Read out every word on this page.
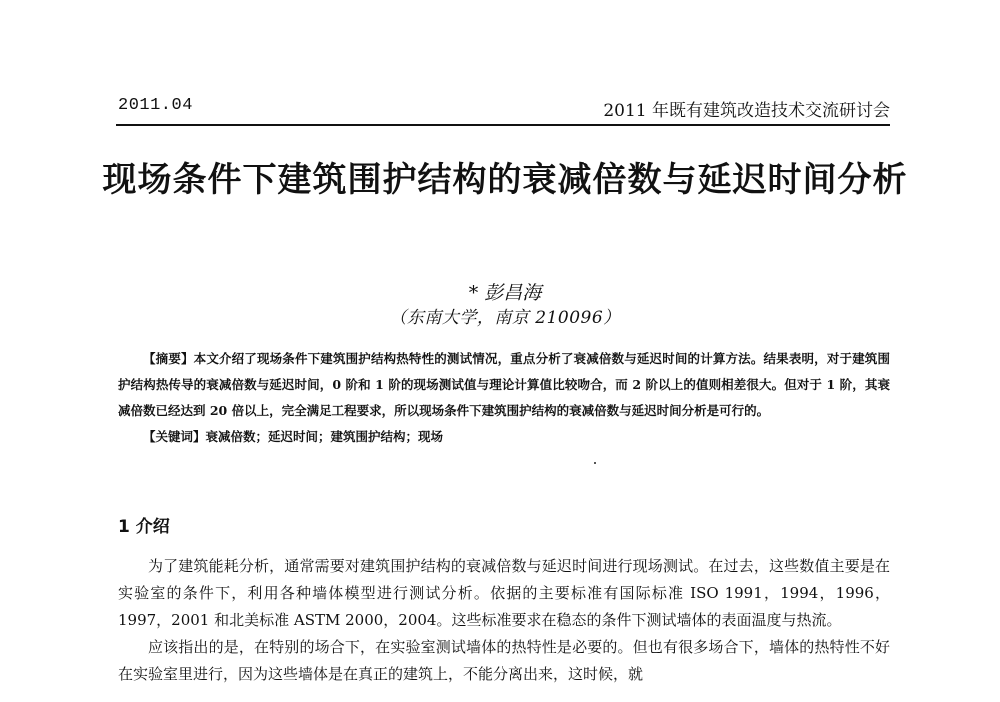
2011.04	2011 年既有建筑改造技术交流研讨会
现场条件下建筑围护结构的衰减倍数与延迟时间分析
* 彭昌海
（东南大学，南京 210096）

【摘要】本文介绍了现场条件下建筑围护结构热特性的测试情况，重点分析了衰减倍数与延迟时间的计算方法。结果表明，对于建筑围护结构热传导的衰减倍数与延迟时间，0 阶和 1 阶的现场测试值与理论计算值比较吻合，而 2 阶以上的值则相差很大。但对于 1 阶，其衰减倍数已经达到 20 倍以上，完全满足工程要求，所以现场条件下建筑围护结构的衰减倍数与延迟时间分析是可行的。

【关键词】衰减倍数；延迟时间；建筑围护结构；现场

1 介绍

为了建筑能耗分析，通常需要对建筑围护结构的衰减倍数与延迟时间进行现场测试。在过去，这些数值主要是在实验室的条件下，利用各种墙体模型进行测试分析。依据的主要标准有国际标准 ISO 1991，1994，1996，1997，2001 和北美标准 ASTM 2000，2004。这些标准要求在稳态的条件下测试墙体的表面温度与热流。

应该指出的是，在特别的场合下，在实验室测试墙体的热特性是必要的。但也有很多场合下，墙体的热特性不好在实验室里进行，因为这些墙体是在真正的建筑上，不能分离出来，这时候，就
